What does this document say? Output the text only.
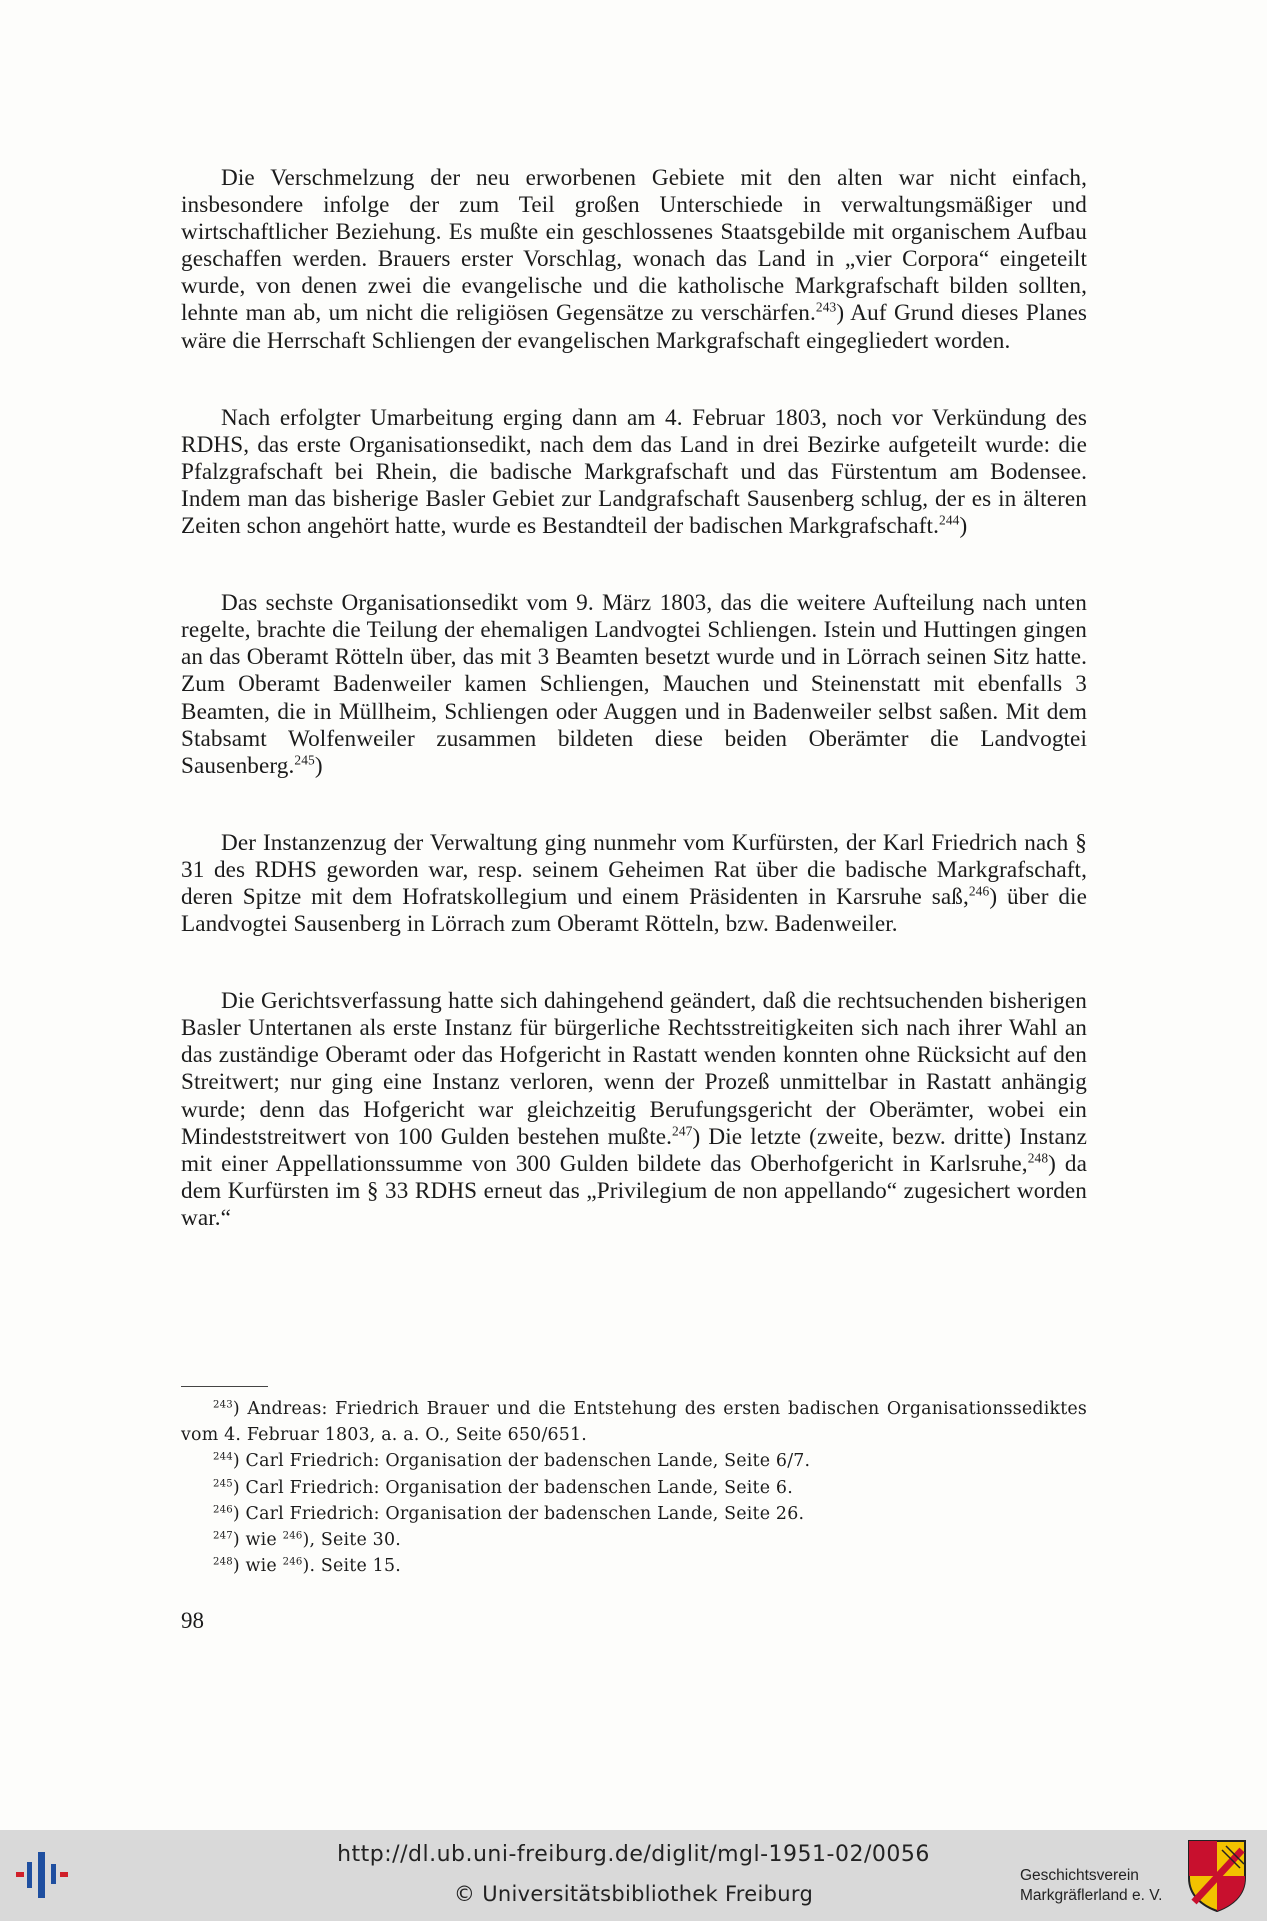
Die Verschmelzung der neu erworbenen Gebiete mit den alten war nicht einfach, insbesondere infolge der zum Teil großen Unterschiede in verwaltungsmäßiger und wirtschaftlicher Beziehung. Es mußte ein geschlossenes Staatsgebilde mit organischem Aufbau geschaffen werden. Brauers erster Vorschlag, wonach das Land in „vier Corpora“ eingeteilt wurde, von denen zwei die evangelische und die katholische Markgrafschaft bilden sollten, lehnte man ab, um nicht die religiösen Gegensätze zu verschärfen.$^{243}$) Auf Grund dieses Planes wäre die Herrschaft Schliengen der evangelischen Markgrafschaft eingegliedert worden.

Nach erfolgter Umarbeitung erging dann am 4. Februar 1803, noch vor Verkündung des RDHS, das erste Organisationsedikt, nach dem das Land in drei Bezirke aufgeteilt wurde: die Pfalzgrafschaft bei Rhein, die badische Markgrafschaft und das Fürstentum am Bodensee. Indem man das bisherige Basler Gebiet zur Landgrafschaft Sausenberg schlug, der es in älteren Zeiten schon angehört hatte, wurde es Bestandteil der badischen Markgrafschaft.$^{244}$)

Das sechste Organisationsedikt vom 9. März 1803, das die weitere Aufteilung nach unten regelte, brachte die Teilung der ehemaligen Landvogtei Schliengen. Istein und Huttingen gingen an das Oberamt Rötteln über, das mit 3 Beamten besetzt wurde und in Lörrach seinen Sitz hatte. Zum Oberamt Badenweiler kamen Schliengen, Mauchen und Steinenstatt mit ebenfalls 3 Beamten, die in Müllheim, Schliengen oder Auggen und in Badenweiler selbst saßen. Mit dem Stabsamt Wolfenweiler zusammen bildeten diese beiden Oberämter die Landvogtei Sausenberg.$^{245}$)

Der Instanzenzug der Verwaltung ging nunmehr vom Kurfürsten, der Karl Friedrich nach § 31 des RDHS geworden war, resp. seinem Geheimen Rat über die badische Markgrafschaft, deren Spitze mit dem Hofratskollegium und einem Präsidenten in Karsruhe saß,$^{246}$) über die Landvogtei Sausenberg in Lörrach zum Oberamt Rötteln, bzw. Badenweiler.

Die Gerichtsverfassung hatte sich dahingehend geändert, daß die rechtsuchenden bisherigen Basler Untertanen als erste Instanz für bürgerliche Rechtsstreitigkeiten sich nach ihrer Wahl an das zuständige Oberamt oder das Hofgericht in Rastatt wenden konnten ohne Rücksicht auf den Streitwert; nur ging eine Instanz verloren, wenn der Prozeß unmittelbar in Rastatt anhängig wurde; denn das Hofgericht war gleichzeitig Berufungsgericht der Oberämter, wobei ein Mindeststreitwert von 100 Gulden bestehen mußte.$^{247}$) Die letzte (zweite, bezw. dritte) Instanz mit einer Appellationssumme von 300 Gulden bildete das Oberhofgericht in Karlsruhe,$^{248}$) da dem Kurfürsten im § 33 RDHS erneut das „Privilegium de non appellando“ zugesichert worden war.“

$^{243}$) Andreas: Friedrich Brauer und die Entstehung des ersten badischen Organisationssediktes vom 4. Februar 1803, a. a. O., Seite 650/651.

$^{244}$) Carl Friedrich: Organisation der badenschen Lande, Seite 6/7.

$^{245}$) Carl Friedrich: Organisation der badenschen Lande, Seite 6.

$^{246}$) Carl Friedrich: Organisation der badenschen Lande, Seite 26.

$^{247}$) wie $^{246}$), Seite 30.

$^{248}$) wie $^{246}$). Seite 15.

98
http://dl.ub.uni-freiburg.de/diglit/mgl-1951-02/0056
© Universitätsbibliothek Freiburg
Geschichtsverein
Markgräflerland e. V.
